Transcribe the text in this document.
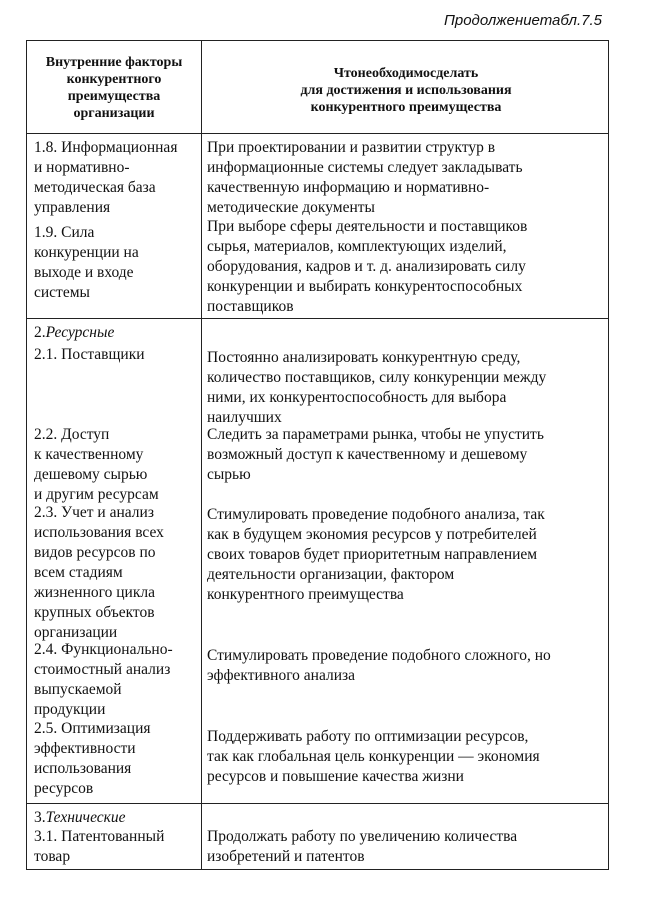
Продолжениетабл.7.5
Внутренние факторы
конкурентного
преимущества
организации
Чтонеобходимосделать
для достижения и использования
конкурентного преимущества
1.8. Информационная
и нормативно-
методическая база
управления
При проектировании и развитии структур в
информационные системы следует закладывать
качественную информацию и нормативно-
методические документы
1.9. Сила
конкуренции на
выходе и входе
системы
При выборе сферы деятельности и поставщиков
сырья, материалов, комплектующих изделий,
оборудования, кадров и т. д. анализировать силу
конкуренции и выбирать конкурентоспособных
поставщиков
2.Ресурсные
2.1. Поставщики	Постоянно анализировать конкурентную среду,
количество поставщиков, силу конкуренции между
ними, их конкурентоспособность для выбора
наилучших
2.2. Доступ
к качественному
дешевому сырью
и другим ресурсам
Следить за параметрами рынка, чтобы не упустить
возможный доступ к качественному и дешевому
сырью
2.3. Учет и анализ
использования всех
видов ресурсов по
всем стадиям
жизненного цикла
крупных объектов
организации
Стимулировать проведение подобного анализа, так
как в будущем экономия ресурсов у потребителей
своих товаров будет приоритетным направлением
деятельности организации, фактором
конкурентного преимущества
2.4. Функционально-
стоимостный анализ
выпускаемой
продукции
Стимулировать проведение подобного сложного, но
эффективного анализа
2.5. Оптимизация
эффективности
использования
ресурсов
Поддерживать работу по оптимизации ресурсов,
так как глобальная цель конкуренции — экономия
ресурсов и повышение качества жизни
3.Технические
3.1. Патентованный
товар
Продолжать работу по увеличению количества
изобретений и патентов
